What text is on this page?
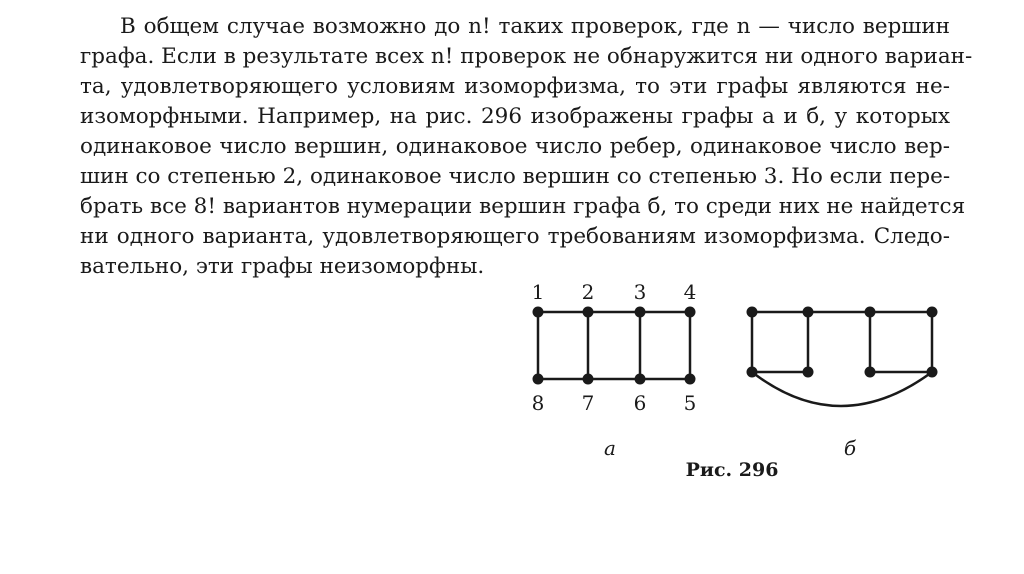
В общем случае возможно до n! таких проверок, где n — число вершин
графа. Если в результате всех n! проверок не обнаружится ни одного вариан-
та, удовлетворяющего условиям изоморфизма, то эти графы являются не-
изоморфными. Например, на рис. 296 изображены графы а и б, у которых
одинаковое число вершин, одинаковое число ребер, одинаковое число вер-
шин со степенью 2, одинаковое число вершин со степенью 3. Но если пере-
брать все 8! вариантов нумерации вершин графа б, то среди них не найдется
ни одного варианта, удовлетворяющего требованиям изоморфизма. Следо-
вательно, эти графы неизоморфны.
1 2 3 4
8 7 6 5
а	б
Рис. 296
